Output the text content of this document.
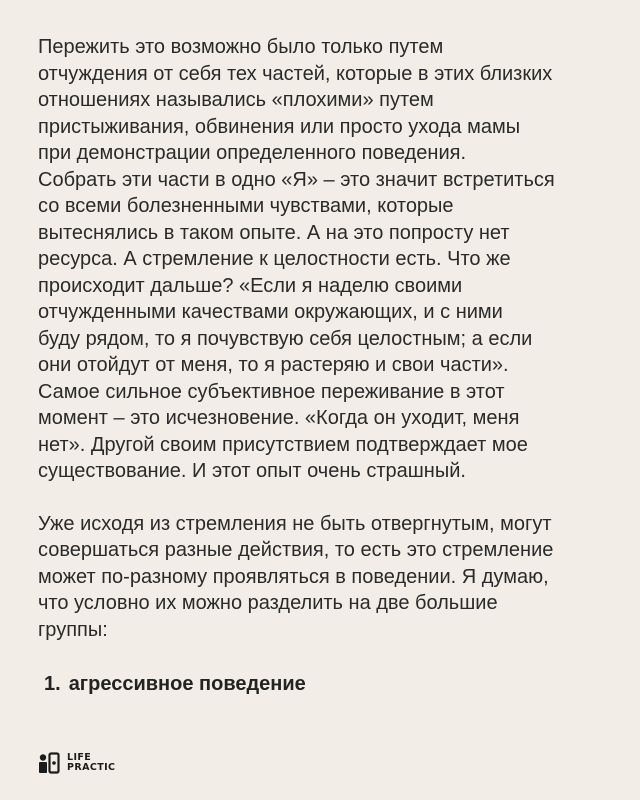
Пережить это возможно было только путем
отчуждения от себя тех частей, которые в этих близких
отношениях назывались «плохими» путем
пристыживания, обвинения или просто ухода мамы
при демонстрации определенного поведения.
Собрать эти части в одно «Я» – это значит встретиться
со всеми болезненными чувствами, которые
вытеснялись в таком опыте. А на это попросту нет
ресурса. А стремление к целостности есть. Что же
происходит дальше? «Если я наделю своими
отчужденными качествами окружающих, и с ними
буду рядом, то я почувствую себя целостным; а если
они отойдут от меня, то я растеряю и свои части».
Самое сильное субъективное переживание в этот
момент – это исчезновение. «Когда он уходит, меня
нет». Другой своим присутствием подтверждает мое
существование. И этот опыт очень страшный.

Уже исходя из стремления не быть отвергнутым, могут
совершаться разные действия, то есть это стремление
может по-разному проявляться в поведении. Я думаю,
что условно их можно разделить на две большие
группы:

1. агрессивное поведение
LIFE
PRACTIC
